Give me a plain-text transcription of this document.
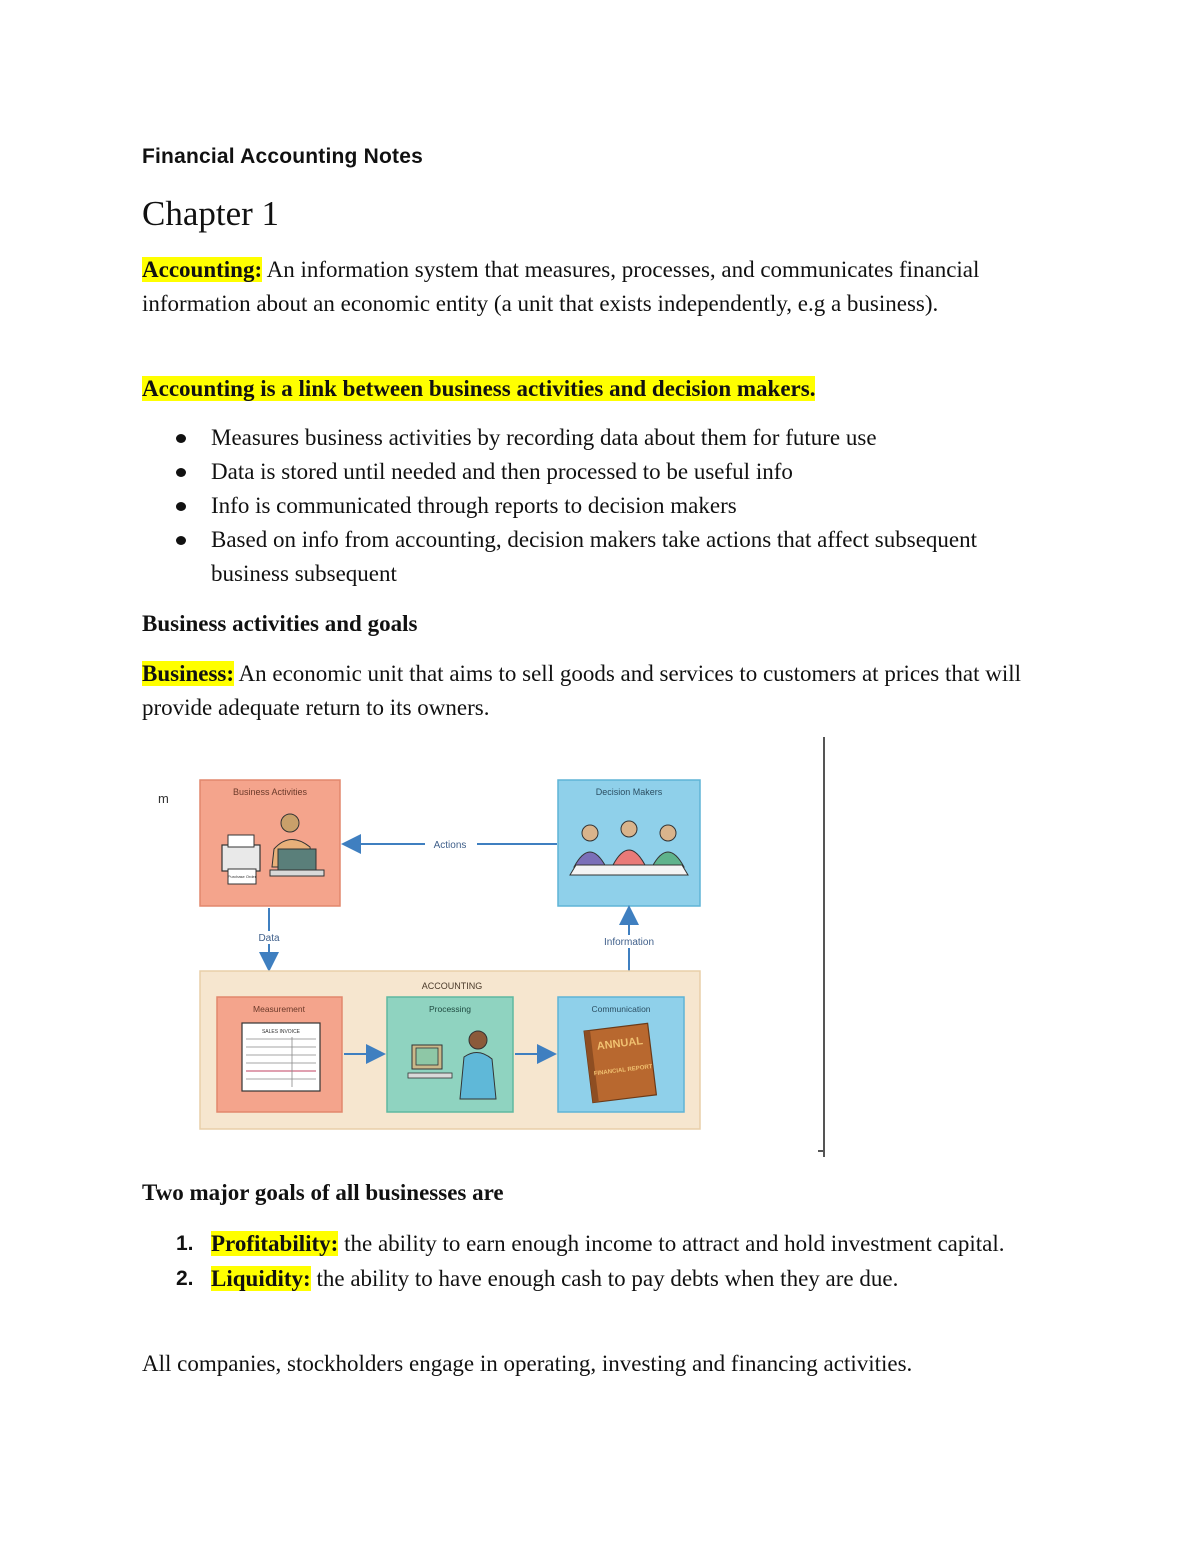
Financial Accounting Notes
Chapter 1

Accounting: An information system that measures, processes, and communicates financial information about an economic entity (a unit that exists independently, e.g a business).

Accounting is a link between business activities and decision makers.

Measures business activities by recording data about them for future use
Data is stored until needed and then processed to be useful info
Info is communicated through reports to decision makers
Based on info from accounting, decision makers take actions that affect subsequent business subsequent

Business activities and goals

Business: An economic unit that aims to sell goods and services to customers at prices that will provide adequate return to its owners.

m	Business Activities
Purchase Order
Decision Makers
Actions
Data	Information
ACCOUNTING
Measurement
SALES INVOICE
Processing	Communication
ANNUAL
FINANCIAL REPORT

Two major goals of all businesses are

1. Profitability: the ability to earn enough income to attract and hold investment capital.
2. Liquidity: the ability to have enough cash to pay debts when they are due.

All companies, stockholders engage in operating, investing and financing activities.
